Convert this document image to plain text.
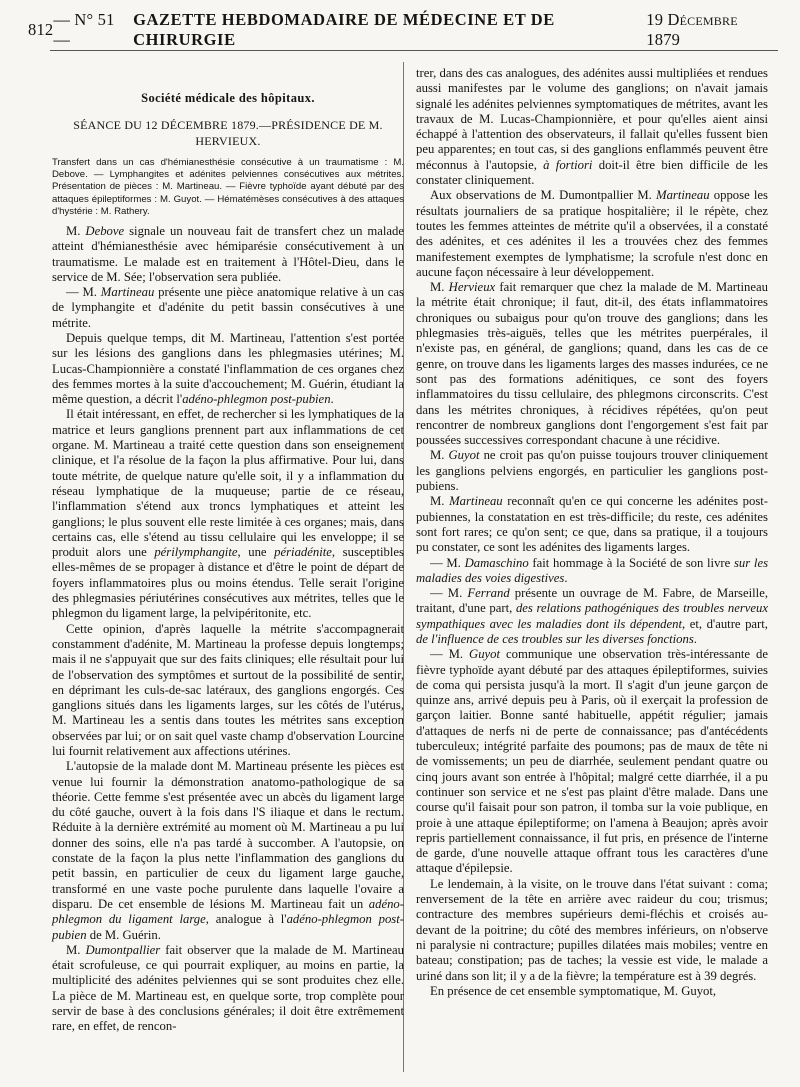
812
— N° 51 —
GAZETTE HEBDOMADAIRE DE MÉDECINE ET DE CHIRURGIE
19 Décembre 1879
Société médicale des hôpitaux.
SÉANCE DU 12 DÉCEMBRE 1879.—PRÉSIDENCE DE M. HERVIEUX.
Transfert dans un cas d'hémianesthésie consécutive à un traumatisme : M. Debove. — Lymphangites et adénites pelviennes consécutives aux métrites. Présentation de pièces : M. Martineau. — Fièvre typhoïde ayant débuté par des attaques épileptiformes : M. Guyot. — Hématémèses consécutives à des attaques d'hystérie : M. Rathery.

M. Debove signale un nouveau fait de transfert chez un malade atteint d'hémianesthésie avec hémiparésie consécutivement à un traumatisme. Le malade est en traitement à l'Hôtel-Dieu, dans le service de M. Sée; l'observation sera publiée.

— M. Martineau présente une pièce anatomique relative à un cas de lymphangite et d'adénite du petit bassin consécutives à une métrite.

Depuis quelque temps, dit M. Martineau, l'attention s'est portée sur les lésions des ganglions dans les phlegmasies utérines; M. Lucas-Championnière a constaté l'inflammation de ces organes chez des femmes mortes à la suite d'accouchement; M. Guérin, étudiant la même question, a décrit l'adéno-phlegmon post-pubien.

Il était intéressant, en effet, de rechercher si les lymphatiques de la matrice et leurs ganglions prennent part aux inflammations de cet organe. M. Martineau a traité cette question dans son enseignement clinique, et l'a résolue de la façon la plus affirmative. Pour lui, dans toute métrite, de quelque nature qu'elle soit, il y a inflammation du réseau lymphatique de la muqueuse; partie de ce réseau, l'inflammation s'étend aux troncs lymphatiques et atteint les ganglions; le plus souvent elle reste limitée à ces organes; mais, dans certains cas, elle s'étend au tissu cellulaire qui les enveloppe; il se produit alors une périlymphangite, une périadénite, susceptibles elles-mêmes de se propager à distance et d'être le point de départ de foyers inflammatoires plus ou moins étendus. Telle serait l'origine des phlegmasies périutérines consécutives aux métrites, telles que le phlegmon du ligament large, la pelvipéritonite, etc.

Cette opinion, d'après laquelle la métrite s'accompagnerait constamment d'adénite, M. Martineau la professe depuis longtemps; mais il ne s'appuyait que sur des faits cliniques; elle résultait pour lui de l'observation des symptômes et surtout de la possibilité de sentir, en déprimant les culs-de-sac latéraux, des ganglions engorgés. Ces ganglions situés dans les ligaments larges, sur les côtés de l'utérus, M. Martineau les a sentis dans toutes les métrites sans exception observées par lui; or on sait quel vaste champ d'observation Lourcine lui fournit relativement aux affections utérines.

L'autopsie de la malade dont M. Martineau présente les pièces est venue lui fournir la démonstration anatomo-pathologique de sa théorie. Cette femme s'est présentée avec un abcès du ligament large du côté gauche, ouvert à la fois dans l'S iliaque et dans le rectum. Réduite à la dernière extrémité au moment où M. Martineau a pu lui donner des soins, elle n'a pas tardé à succomber. A l'autopsie, on constate de la façon la plus nette l'inflammation des ganglions du petit bassin, en particulier de ceux du ligament large gauche, transformé en une vaste poche purulente dans laquelle l'ovaire a disparu. De cet ensemble de lésions M. Martineau fait un adéno-phlegmon du ligament large, analogue à l'adéno-phlegmon post-pubien de M. Guérin.

M. Dumontpallier fait observer que la malade de M. Martineau était scrofuleuse, ce qui pourrait expliquer, au moins en partie, la multiplicité des adénites pelviennes qui se sont produites chez elle. La pièce de M. Martineau est, en quelque sorte, trop complète pour servir de base à des conclusions générales; il doit être extrêmement rare, en effet, de rencon-

trer, dans des cas analogues, des adénites aussi multipliées et rendues aussi manifestes par le volume des ganglions; on n'avait jamais signalé les adénites pelviennes symptomatiques de métrites, avant les travaux de M. Lucas-Championnière, et pour qu'elles aient ainsi échappé à l'attention des observateurs, il fallait qu'elles fussent bien peu apparentes; en tout cas, si des ganglions enflammés peuvent être méconnus à l'autopsie, à fortiori doit-il être bien difficile de les constater cliniquement.

Aux observations de M. Dumontpallier M. Martineau oppose les résultats journaliers de sa pratique hospitalière; il le répète, chez toutes les femmes atteintes de métrite qu'il a observées, il a constaté des adénites, et ces adénites il les a trouvées chez des femmes manifestement exemptes de lymphatisme; la scrofule n'est donc en aucune façon nécessaire à leur développement.

M. Hervieux fait remarquer que chez la malade de M. Martineau la métrite était chronique; il faut, dit-il, des états inflammatoires chroniques ou subaigus pour qu'on trouve des ganglions; dans les phlegmasies très-aiguës, telles que les métrites puerpérales, il n'existe pas, en général, de ganglions; quand, dans les cas de ce genre, on trouve dans les ligaments larges des masses indurées, ce ne sont pas des formations adénitiques, ce sont des foyers inflammatoires du tissu cellulaire, des phlegmons circonscrits. C'est dans les métrites chroniques, à récidives répétées, qu'on peut rencontrer de nombreux ganglions dont l'engorgement s'est fait par poussées successives correspondant chacune à une récidive.

M. Guyot ne croit pas qu'on puisse toujours trouver cliniquement les ganglions pelviens engorgés, en particulier les ganglions post-pubiens.

M. Martineau reconnaît qu'en ce qui concerne les adénites post-pubiennes, la constatation en est très-difficile; du reste, ces adénites sont fort rares; ce qu'on sent; ce que, dans sa pratique, il a toujours pu constater, ce sont les adénites des ligaments larges.

— M. Damaschino fait hommage à la Société de son livre sur les maladies des voies digestives.

— M. Ferrand présente un ouvrage de M. Fabre, de Marseille, traitant, d'une part, des relations pathogéniques des troubles nerveux sympathiques avec les maladies dont ils dépendent, et, d'autre part, de l'influence de ces troubles sur les diverses fonctions.

— M. Guyot communique une observation très-intéressante de fièvre typhoïde ayant débuté par des attaques épileptiformes, suivies de coma qui persista jusqu'à la mort. Il s'agit d'un jeune garçon de quinze ans, arrivé depuis peu à Paris, où il exerçait la profession de garçon laitier. Bonne santé habituelle, appétit régulier; jamais d'attaques de nerfs ni de perte de connaissance; pas d'antécédents tuberculeux; intégrité parfaite des poumons; pas de maux de tête ni de vomissements; un peu de diarrhée, seulement pendant quatre ou cinq jours avant son entrée à l'hôpital; malgré cette diarrhée, il a pu continuer son service et ne s'est pas plaint d'être malade. Dans une course qu'il faisait pour son patron, il tomba sur la voie publique, en proie à une attaque épileptiforme; on l'amena à Beaujon; après avoir repris partiellement connaissance, il fut pris, en présence de l'interne de garde, d'une nouvelle attaque offrant tous les caractères d'une attaque d'épilepsie.

Le lendemain, à la visite, on le trouve dans l'état suivant : coma; renversement de la tête en arrière avec raideur du cou; trismus; contracture des membres supérieurs demi-fléchis et croisés au-devant de la poitrine; du côté des membres inférieurs, on n'observe ni paralysie ni contracture; pupilles dilatées mais mobiles; ventre en bateau; constipation; pas de taches; la vessie est vide, le malade a uriné dans son lit; il y a de la fièvre; la température est à 39 degrés.

En présence de cet ensemble symptomatique, M. Guyot,
